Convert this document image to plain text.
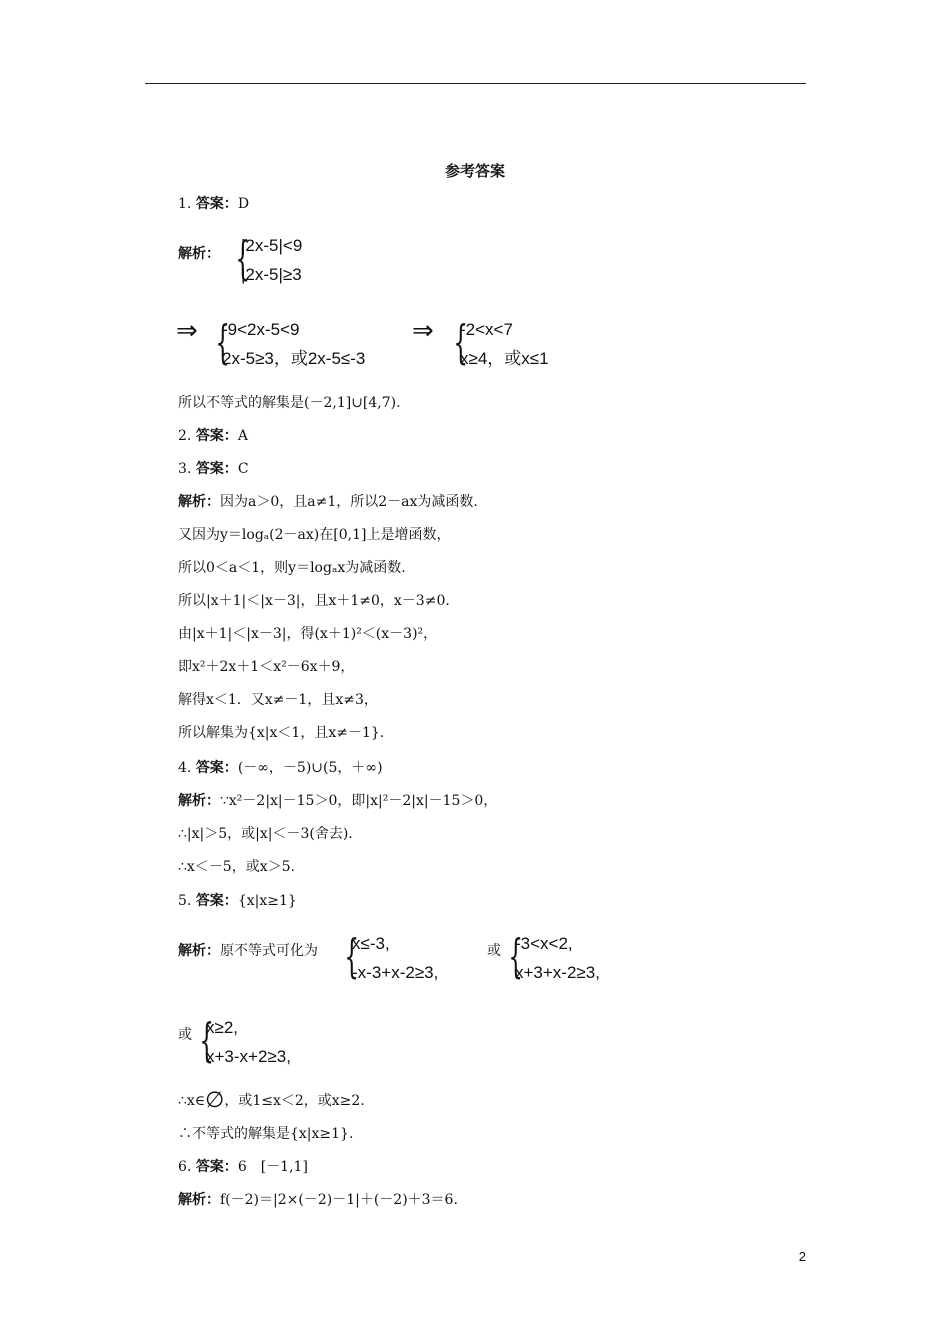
参考答案
1. 答案：D
解析： {
|2x-5|<9
|2x-5|≥3
⇒ {
-9<2x-5<9
2x-5≥3，或2x-5≤-3
⇒ {
-2<x<7
x≥4，或x≤1
所以不等式的解集是(－2,1]∪[4,7).
2. 答案：A
3. 答案：C
解析：因为a＞0，且a≠1，所以2－ax为减函数.
又因为y＝logₐ(2－ax)在[0,1]上是增函数，
所以0＜a＜1，则y＝logₐx为减函数.
所以|x＋1|＜|x－3|，且x＋1≠0，x－3≠0.
由|x＋1|＜|x－3|，得(x＋1)²＜(x－3)²，
即x²＋2x＋1＜x²－6x＋9，
解得x＜1．又x≠－1，且x≠3，
所以解集为{x|x＜1，且x≠－1}.
4. 答案：(－∞，－5)∪(5，＋∞)
解析：∵x²－2|x|－15＞0，即|x|²－2|x|－15＞0，
∴|x|＞5，或|x|＜－3(舍去).
∴x＜－5，或x＞5.
5. 答案：{x|x≥1}
解析：原不等式可化为 {
x≤-3,
-x-3+x-2≥3,
或 {
-3<x<2,
x+3+x-2≥3,
或 {
x≥2,
x+3-x+2≥3,
∴x∈∅，或1≤x＜2，或x≥2.
∴不等式的解集是{x|x≥1}.
6. 答案：6　[－1,1]
解析：f(－2)＝|2×(－2)－1|＋(－2)＋3＝6.
2
